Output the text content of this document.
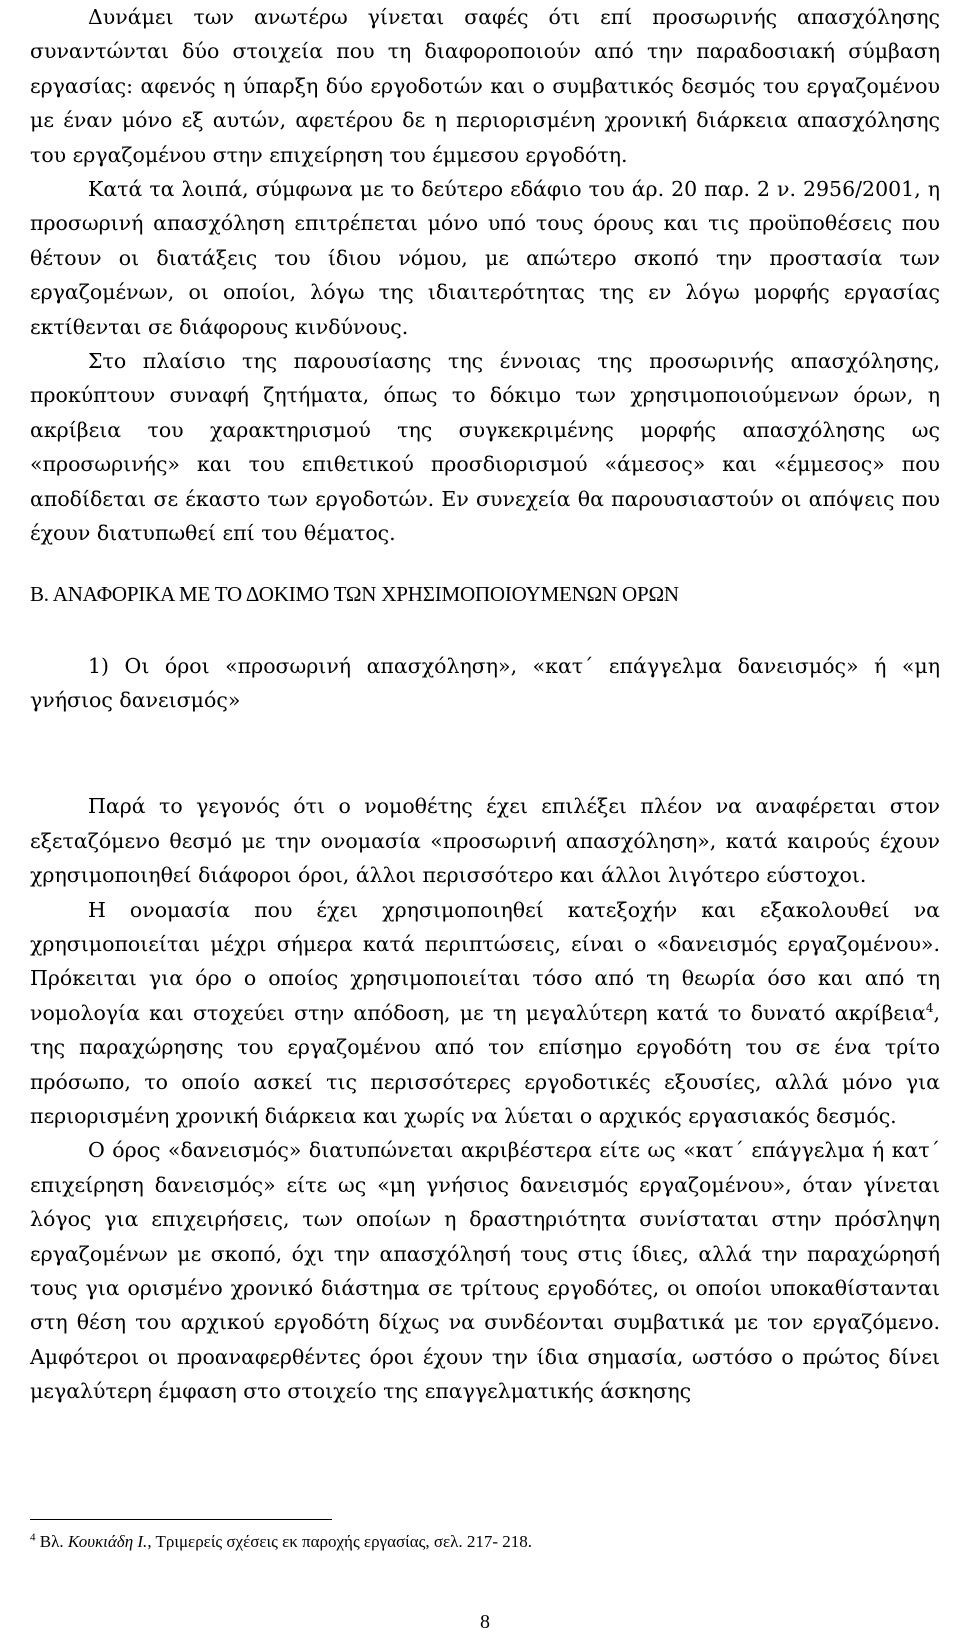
Δυνάμει των ανωτέρω γίνεται σαφές ότι επί προσωρινής απασχόλησης συναντώνται δύο στοιχεία που τη διαφοροποιούν από την παραδοσιακή σύμβαση εργασίας: αφενός η ύπαρξη δύο εργοδοτών και ο συμβατικός δεσμός του εργαζομένου με έναν μόνο εξ αυτών, αφετέρου δε η περιορισμένη χρονική διάρκεια απασχόλησης του εργαζομένου στην επιχείρηση του έμμεσου εργοδότη.

Κατά τα λοιπά, σύμφωνα με το δεύτερο εδάφιο του άρ. 20 παρ. 2 ν. 2956/2001, η προσωρινή απασχόληση επιτρέπεται μόνο υπό τους όρους και τις προϋποθέσεις που θέτουν οι διατάξεις του ίδιου νόμου, με απώτερο σκοπό την προστασία των εργαζομένων, οι οποίοι, λόγω της ιδιαιτερότητας της εν λόγω μορφής εργασίας εκτίθενται σε διάφορους κινδύνους.

Στο πλαίσιο της παρουσίασης της έννοιας της προσωρινής απασχόλησης, προκύπτουν συναφή ζητήματα, όπως το δόκιμο των χρησιμοποιούμενων όρων, η ακρίβεια του χαρακτηρισμού της συγκεκριμένης μορφής απασχόλησης ως «προσωρινής» και του επιθετικού προσδιορισμού «άμεσος» και «έμμεσος» που αποδίδεται σε έκαστο των εργοδοτών. Εν συνεχεία θα παρουσιαστούν οι απόψεις που έχουν διατυπωθεί επί του θέματος.

Β. ΑΝΑΦΟΡΙΚΑ ΜΕ ΤΟ ΔΟΚΙΜΟ ΤΩΝ ΧΡΗΣΙΜΟΠΟΙΟΥΜΕΝΩΝ ΟΡΩΝ

1) Οι όροι «προσωρινή απασχόληση», «κατ΄ επάγγελμα δανεισμός» ή «μη γνήσιος δανεισμός»

Παρά το γεγονός ότι ο νομοθέτης έχει επιλέξει πλέον να αναφέρεται στον εξεταζόμενο θεσμό με την ονομασία «προσωρινή απασχόληση», κατά καιρούς έχουν χρησιμοποιηθεί διάφοροι όροι, άλλοι περισσότερο και άλλοι λιγότερο εύστοχοι.

Η ονομασία που έχει χρησιμοποιηθεί κατεξοχήν και εξακολουθεί να χρησιμοποιείται μέχρι σήμερα κατά περιπτώσεις, είναι ο «δανεισμός εργαζομένου». Πρόκειται για όρο ο οποίος χρησιμοποιείται τόσο από τη θεωρία όσο και από τη νομολογία και στοχεύει στην απόδοση, με τη μεγαλύτερη κατά το δυνατό ακρίβεια$^4$, της παραχώρησης του εργαζομένου από τον επίσημο εργοδότη του σε ένα τρίτο πρόσωπο, το οποίο ασκεί τις περισσότερες εργοδοτικές εξουσίες, αλλά μόνο για περιορισμένη χρονική διάρκεια και χωρίς να λύεται ο αρχικός εργασιακός δεσμός.

Ο όρος «δανεισμός» διατυπώνεται ακριβέστερα είτε ως «κατ΄ επάγγελμα ή κατ΄ επιχείρηση δανεισμός» είτε ως «μη γνήσιος δανεισμός εργαζομένου», όταν γίνεται λόγος για επιχειρήσεις, των οποίων η δραστηριότητα συνίσταται στην πρόσληψη εργαζομένων με σκοπό, όχι την απασχόλησή τους στις ίδιες, αλλά την παραχώρησή τους για ορισμένο χρονικό διάστημα σε τρίτους εργοδότες, οι οποίοι υποκαθίστανται στη θέση του αρχικού εργοδότη δίχως να συνδέονται συμβατικά με τον εργαζόμενο. Αμφότεροι οι προαναφερθέντες όροι έχουν την ίδια σημασία, ωστόσο ο πρώτος δίνει μεγαλύτερη έμφαση στο στοιχείο της επαγγελματικής άσκησης

$^4$ Βλ. Κουκιάδη Ι., Τριμερείς σχέσεις εκ παροχής εργασίας, σελ. 217- 218.
8
